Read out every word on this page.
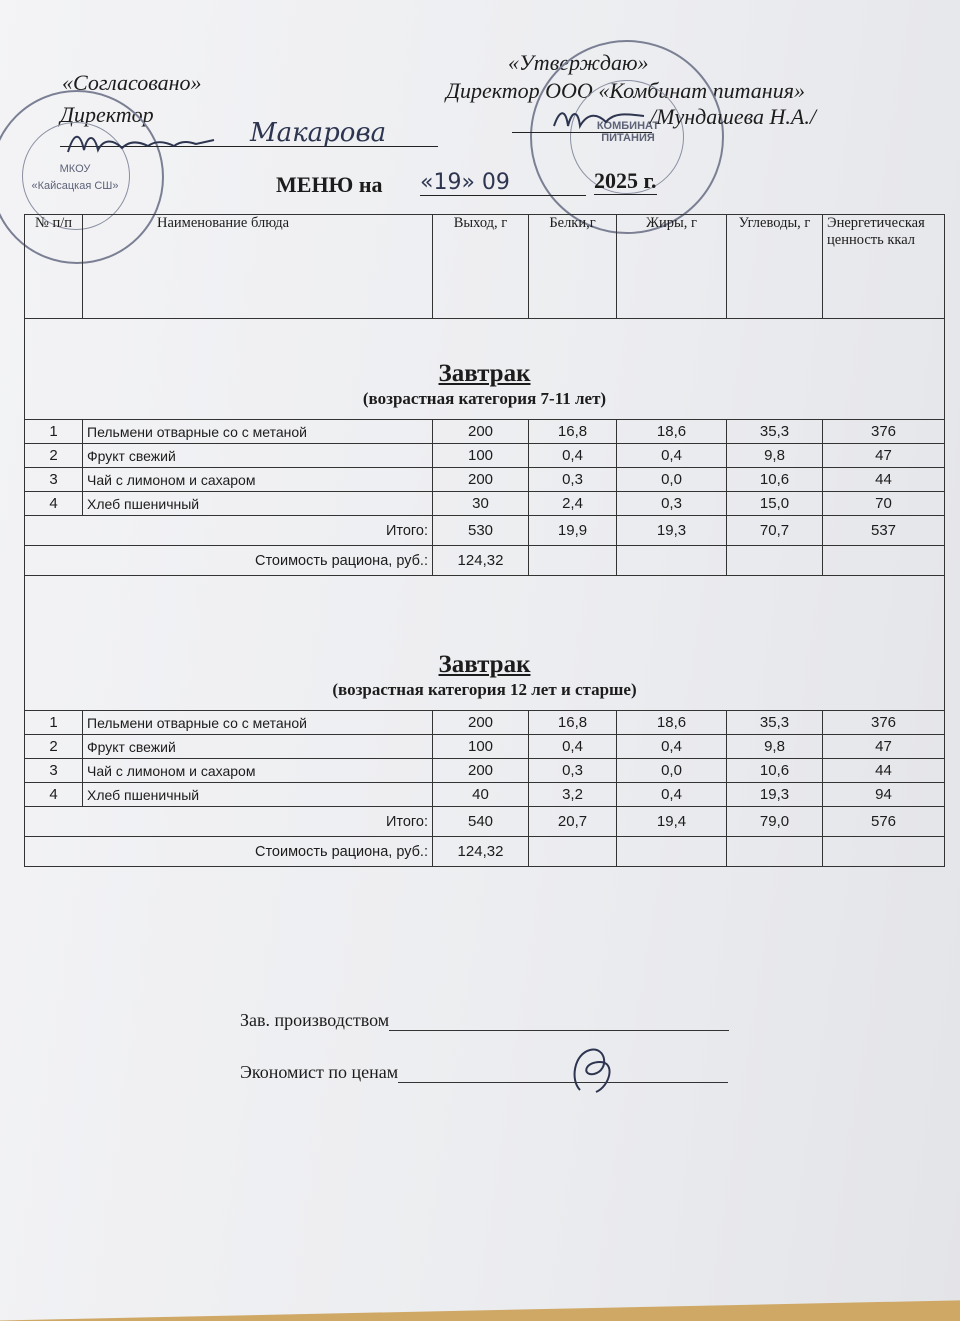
«Согласовано»
Директор
МКОУ
«Кайсацкая СШ»
Макарова
«Утверждаю»
Директор ООО «Комбинат питания»
КОМБИНАТ ПИТАНИЯ
/Мундашева Н.А./
МЕНЮ на «19» 09	2025 г.
№ п/п	Наименование блюда	Выход, г	Белки,г	Жиры, г	Углеводы, г	Энергетическая ценность ккал

Завтрак
(возрастная категория 7-11 лет)						

1	Пельмени отварные со с метаной	200	16,8	18,6	35,3	376
2	Фрукт свежий	100	0,4	0,4	9,8	47
3	Чай с лимоном и сахаром	200	0,3	0,0	10,6	44
4	Хлеб пшеничный	30	2,4	0,3	15,0	70
Итого:		530	19,9	19,3	70,7	537
Стоимость рациона, руб.:		124,32				

Завтрак
(возрастная категория 12 лет и старше)						

1	Пельмени отварные со с метаной	200	16,8	18,6	35,3	376
2	Фрукт свежий	100	0,4	0,4	9,8	47
3	Чай с лимоном и сахаром	200	0,3	0,0	10,6	44
4	Хлеб пшеничный	40	3,2	0,4	19,3	94
Итого:		540	20,7	19,4	79,0	576
Стоимость рациона, руб.:		124,32				
Зав. производством
Экономист по ценам
